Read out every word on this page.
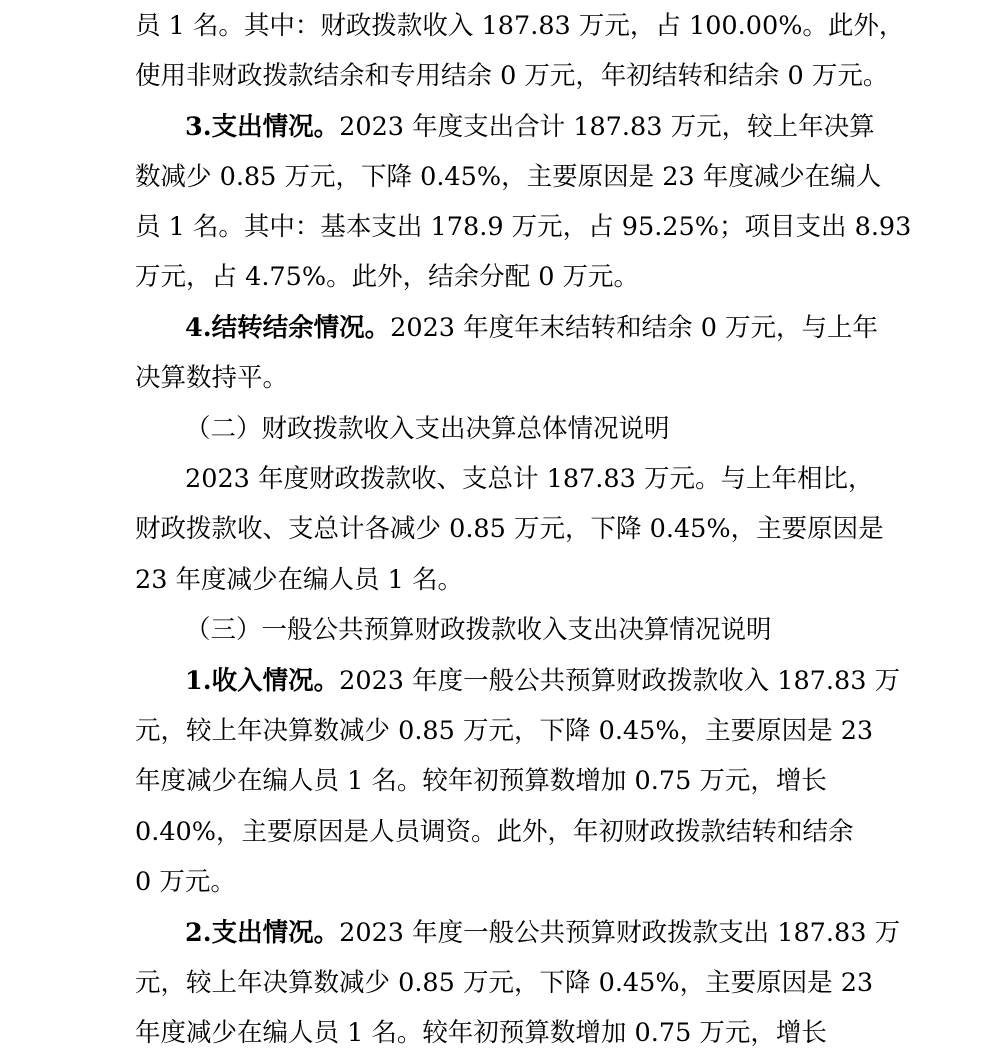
员 1 名。其中：财政拨款收入 187.83 万元，占 100.00%。此外，

使用非财政拨款结余和专用结余 0 万元，年初结转和结余 0 万元。

3.支出情况。2023 年度支出合计 187.83 万元，较上年决算

数减少 0.85 万元，下降 0.45%，主要原因是 23 年度减少在编人

员 1 名。其中：基本支出 178.9 万元，占 95.25%；项目支出 8.93

万元，占 4.75%。此外，结余分配 0 万元。

4.结转结余情况。2023 年度年末结转和结余 0 万元，与上年

决算数持平。

（二）财政拨款收入支出决算总体情况说明

2023 年度财政拨款收、支总计 187.83 万元。与上年相比，

财政拨款收、支总计各减少 0.85 万元，下降 0.45%，主要原因是

23 年度减少在编人员 1 名。

（三）一般公共预算财政拨款收入支出决算情况说明

1.收入情况。2023 年度一般公共预算财政拨款收入 187.83 万

元，较上年决算数减少 0.85 万元，下降 0.45%，主要原因是 23

年度减少在编人员 1 名。较年初预算数增加 0.75 万元，增长

0.40%，主要原因是人员调资。此外，年初财政拨款结转和结余

0 万元。

2.支出情况。2023 年度一般公共预算财政拨款支出 187.83 万

元，较上年决算数减少 0.85 万元，下降 0.45%，主要原因是 23

年度减少在编人员 1 名。较年初预算数增加 0.75 万元，增长
